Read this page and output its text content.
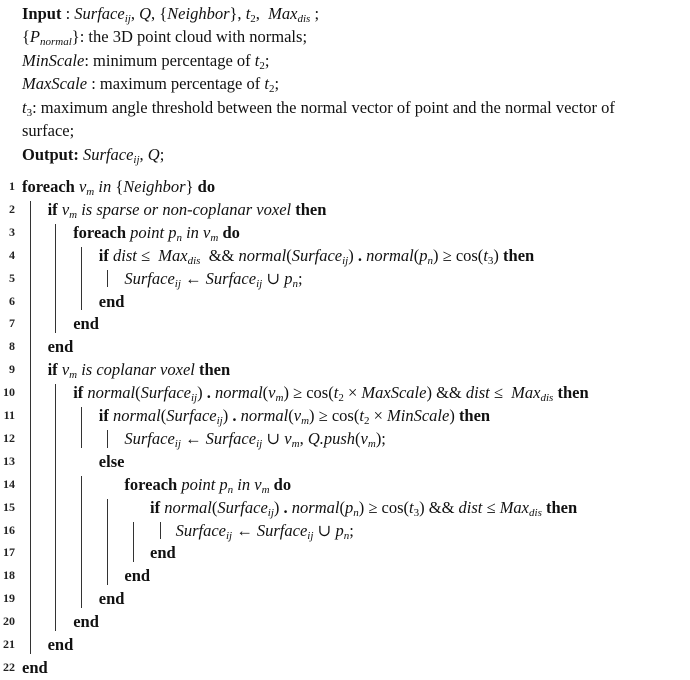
Input : Surface$_{ij}$, Q, {Neighbor}, $t_2$,  Max$_{dis}$ ;
$\{P_{normal}\}$: the 3D point cloud with normals;
MinScale: minimum percentage of $t_2$;
MaxScale : maximum percentage of $t_2$;
$t_3$: maximum angle threshold between the normal vector of point and the normal vector of
surface;
Output: Surface$_{ij}$, Q;
1 foreach $v_m$ in {Neighbor} do
2 if $v_m$ is sparse or non-coplanar voxel then
3	foreach point $p_n$ in $v_m$ do
4	if dist ≤  Max$_{dis}$  && normal(Surface$_{ij}$) . $normal(p_n) \ge \cos(t_3)$ then
5	Surface$_{ij}$ ← Surface$_{ij}$ ∪ $p_n$;
6	end
7	end
8 end
9 if $v_m$ is coplanar voxel then
10	if normal(Surface$_{ij}$) . $normal(v_m) \ge \cos(t_2$ × MaxScale) && dist ≤  Max$_{dis}$ then
11	if normal(Surface$_{ij}$) . $normal(v_m) \ge \cos(t_2$ × MinScale) then
12	Surface$_{ij}$ ← Surface$_{ij}$ ∪ $v_m$, $Q.push(v_m)$;
13	else
14	foreach point $p_n$ in $v_m$ do
15	if normal(Surface$_{ij}$) . $normal(p_n) \ge \cos(t_3)$ && dist ≤ Max$_{dis}$ then
16	Surface$_{ij}$ ← Surface$_{ij}$ ∪ $p_n$;
17	end
18	end
19	end
20	end
21 end
22 end
